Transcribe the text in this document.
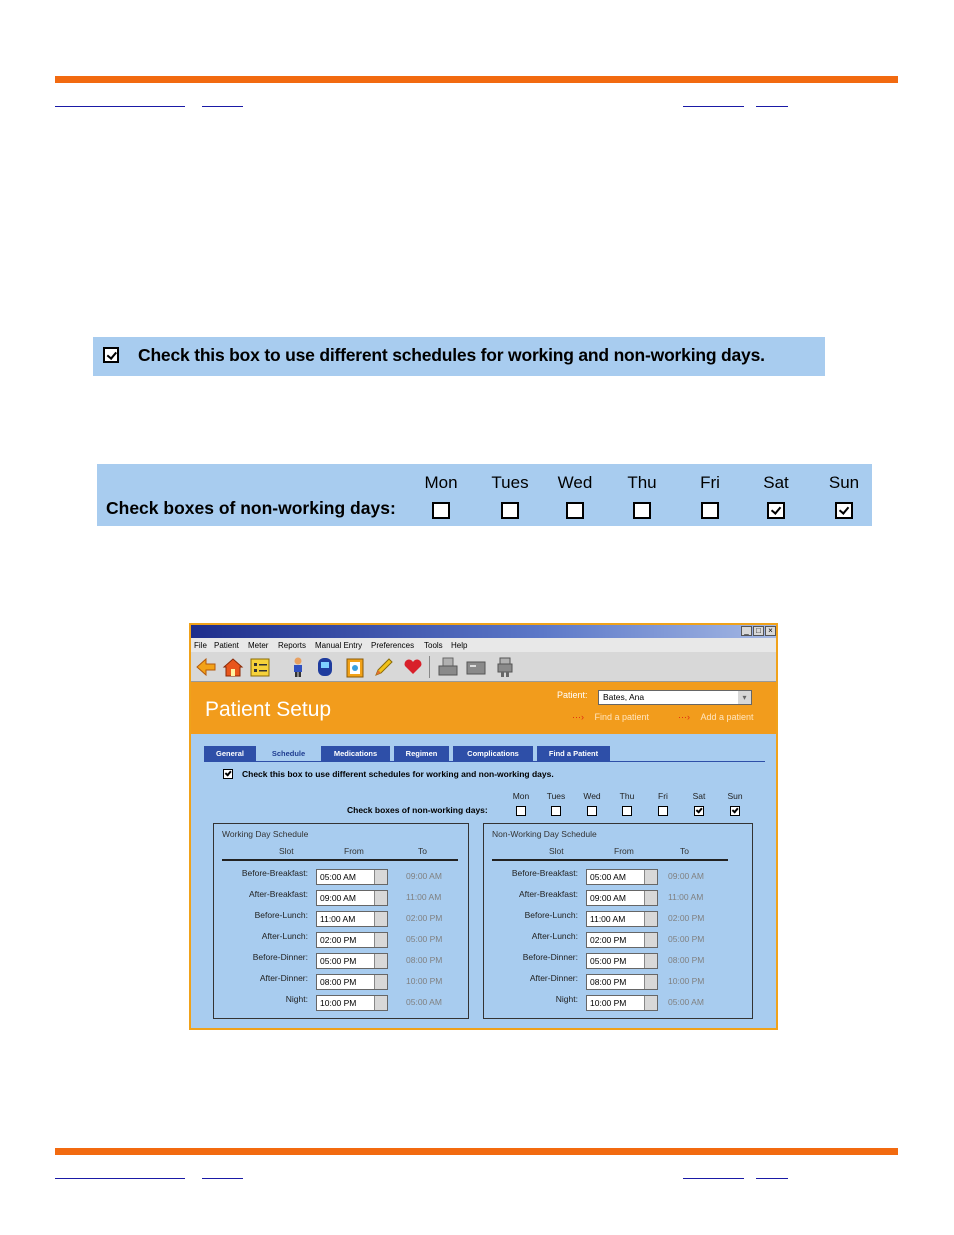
Check this box to use different schedules for working and non-working days.
Check boxes of non-working days:
Mon	Tues	Wed	Thu	Fri	Sat	Sun
_ □ ×
File Patient Meter Reports Manual Entry Preferences Tools Help
Patient Setup
Patient:
⋯› Find a patient	⋯› Add a patient
Bates, Ana ▾
General	Schedule	Medications	Regimen	Complications	Find a Patient
Check this box to use different schedules for working and non-working days.
Check boxes of non-working days:
Mon	Tues	Wed	Thu	Fri	Sat	Sun
Working Day Schedule
Slot	From	To
Before-Breakfast:	05:00 AM	09:00 AM
After-Breakfast:	09:00 AM	11:00 AM
Before-Lunch:	11:00 AM	02:00 PM
After-Lunch:	02:00 PM	05:00 PM
Before-Dinner:	05:00 PM	08:00 PM
After-Dinner:	08:00 PM	10:00 PM
Night:	10:00 PM	05:00 AM
Non-Working Day Schedule
Slot	From	To
Before-Breakfast:	05:00 AM	09:00 AM
After-Breakfast:	09:00 AM	11:00 AM
Before-Lunch:	11:00 AM	02:00 PM
After-Lunch:	02:00 PM	05:00 PM
Before-Dinner:	05:00 PM	08:00 PM
After-Dinner:	08:00 PM	10:00 PM
Night:	10:00 PM	05:00 AM
